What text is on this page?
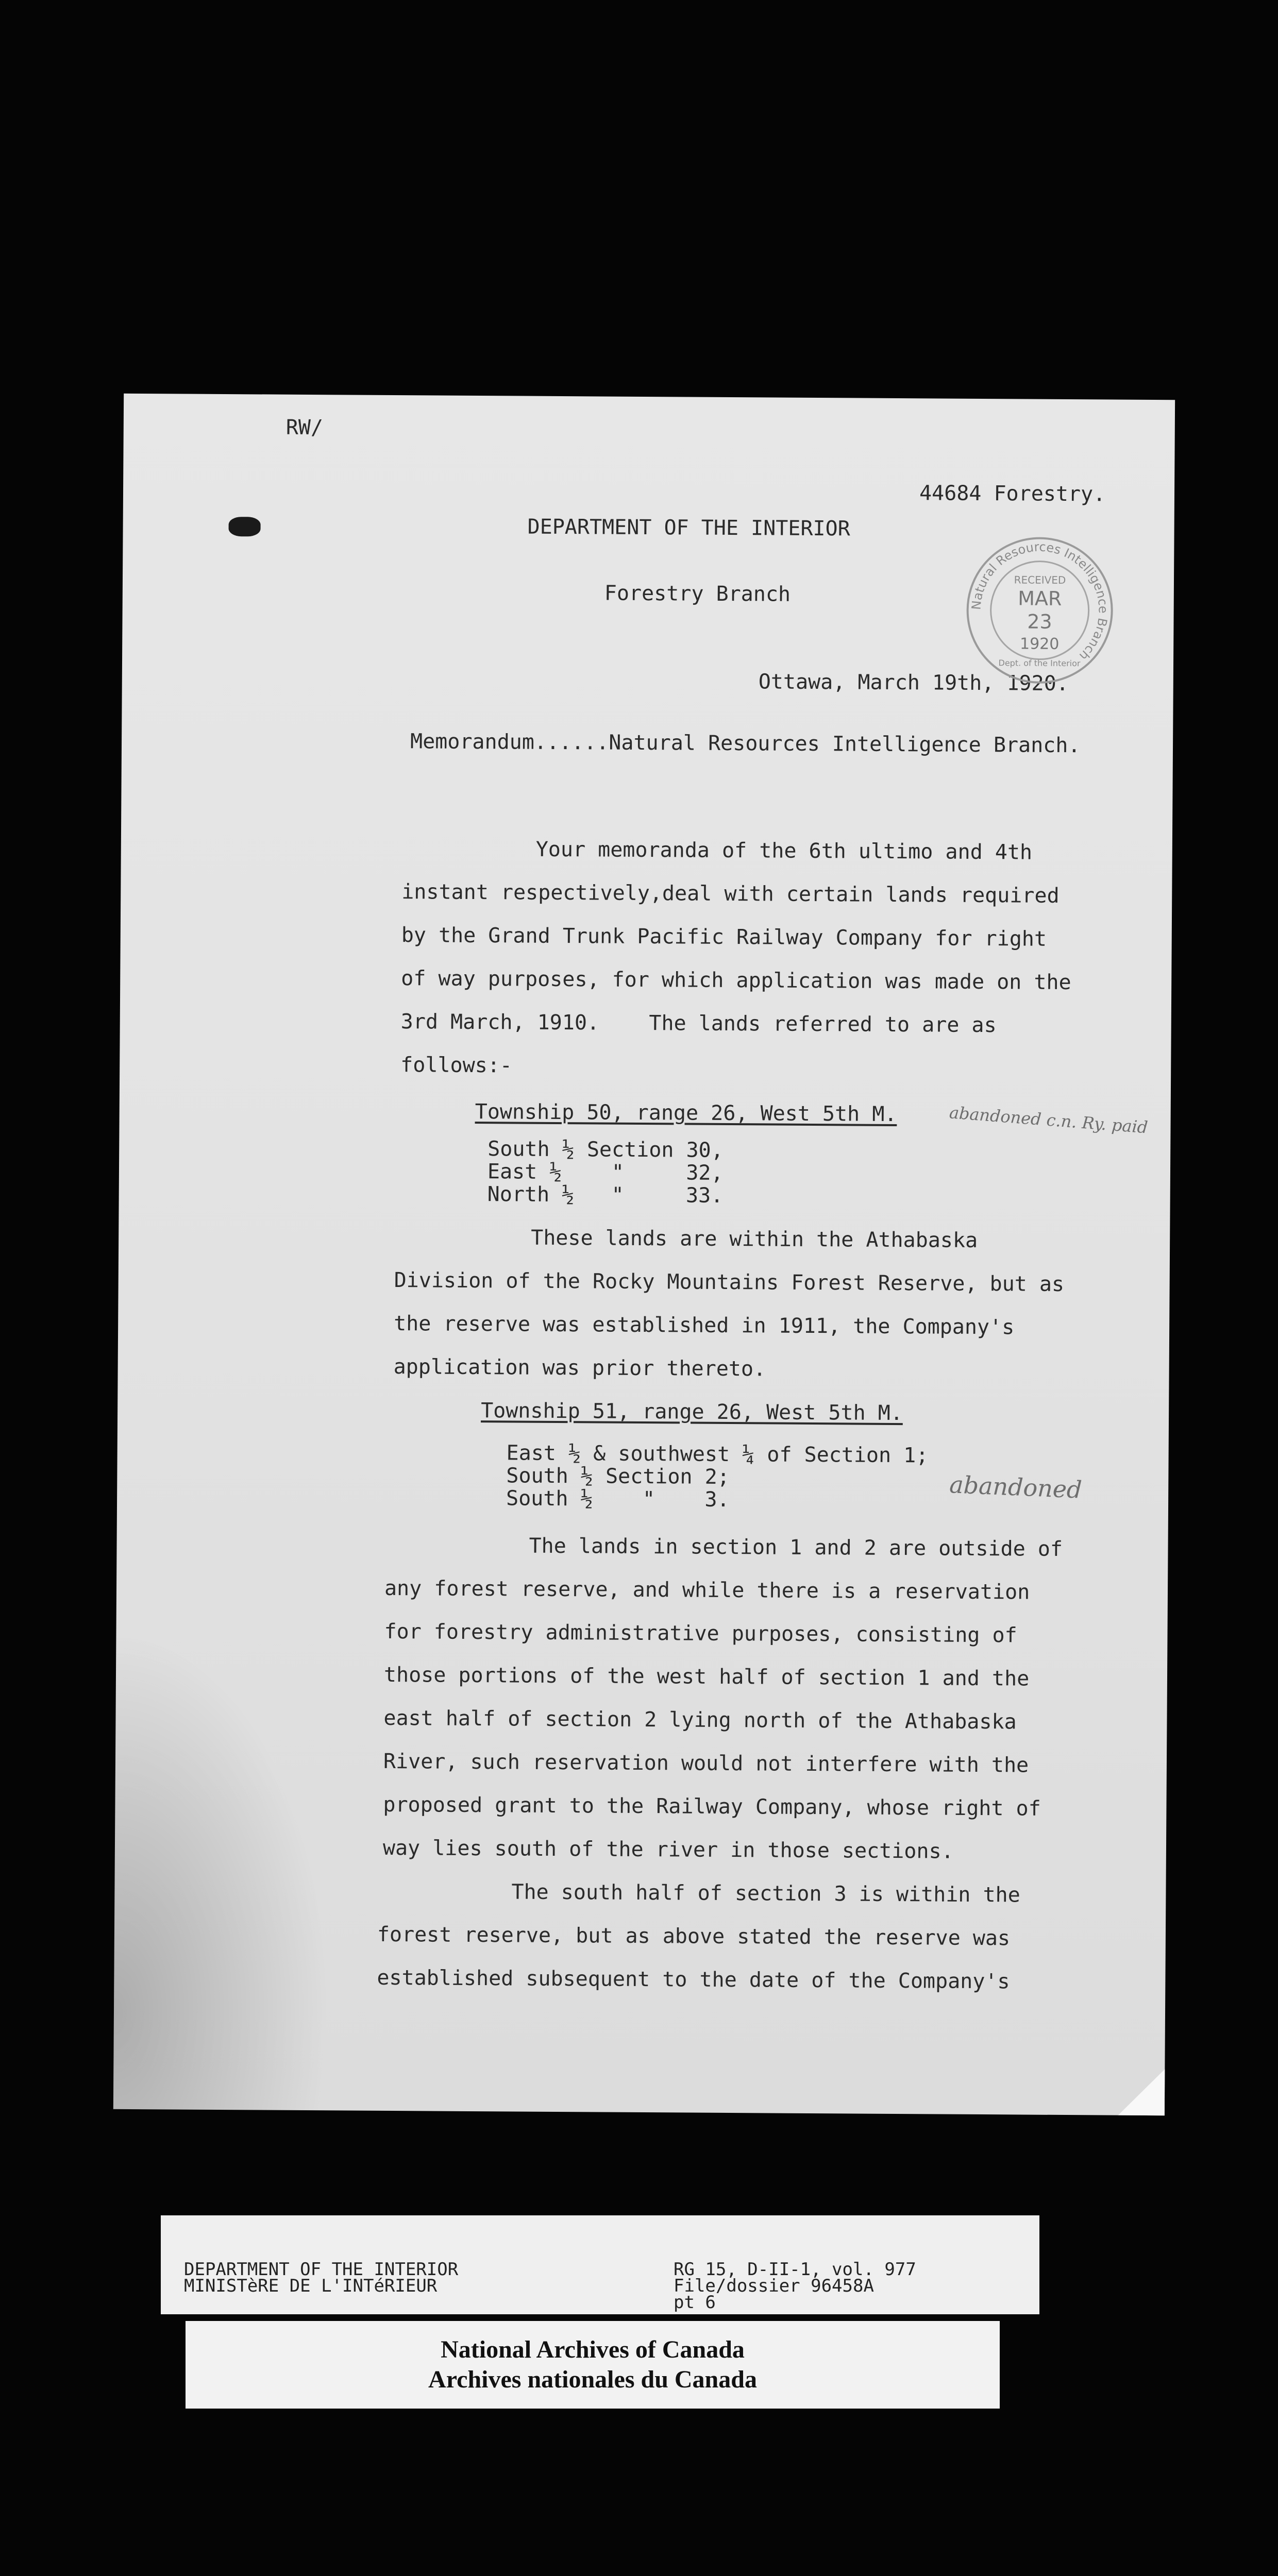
RW/
44684 Forestry.
DEPARTMENT OF THE INTERIOR
Forestry Branch
Ottawa, March 19th, 1920.
Memorandum......Natural Resources Intelligence Branch.
Natural Resources Intelligence Branch
RECEIVED
MAR
23
1920
Dept. of the Interior
Your memoranda of the 6th ultimo and 4th
instant respectively,deal with certain lands required
by the Grand Trunk Pacific Railway Company for right
of way purposes, for which application was made on the
3rd March, 1910.    The lands referred to are as
follows:-
Township 50, range 26, West 5th M.	abandoned c.n. Ry. paid
South ½ Section 30,
East ½    "     32,
North ½   "     33.
These lands are within the Athabaska
Division of the Rocky Mountains Forest Reserve, but as
the reserve was established in 1911, the Company's
application was prior thereto.
Township 51, range 26, West 5th M.
abandoned
East ½ & southwest ¼ of Section 1;
South ½ Section 2;
South ½    "    3.
The lands in section 1 and 2 are outside of
any forest reserve, and while there is a reservation
for forestry administrative purposes, consisting of
those portions of the west half of section 1 and the
east half of section 2 lying north of the Athabaska
River, such reservation would not interfere with the
proposed grant to the Railway Company, whose right of
way lies south of the river in those sections.
The south half of section 3 is within the
forest reserve, but as above stated the reserve was
established subsequent to the date of the Company's
DEPARTMENT OF THE INTERIOR
MINISTèRE DE L'INTéRIEUR
RG 15, D-II-1, vol. 977
File/dossier 96458A
pt 6
National Archives of Canada
Archives nationales du Canada
